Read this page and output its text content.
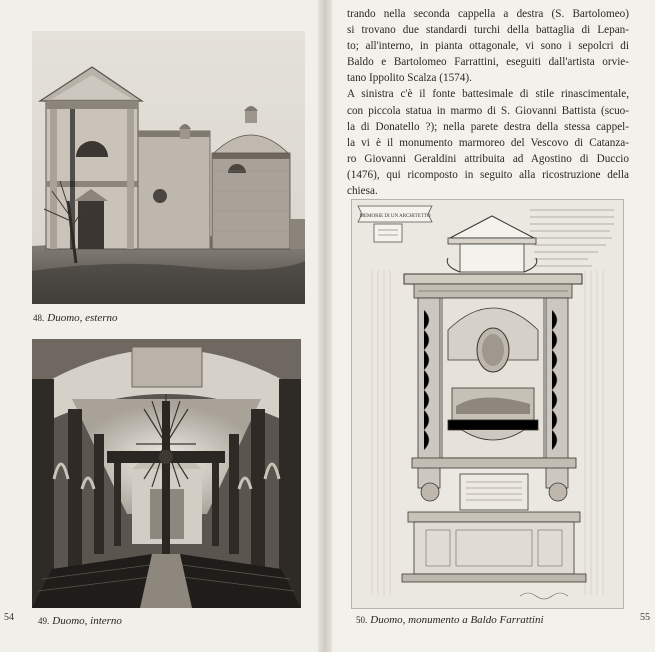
48. Duomo, esterno
49. Duomo, interno
54

trando nella seconda cappella a destra (S. Bartolomeo)
si trovano due standardi turchi della battaglia di Lepan-
to; all'interno, in pianta ottagonale, vi sono i sepolcri di
Baldo e Bartolomeo Farrattini, eseguiti dall'artista orvie-
tano Ippolito Scalza (1574).

A sinistra c'è il fonte battesimale di stile rinascimentale,
con piccola statua in marmo di S. Giovanni Battista (scuo-
la di Donatello ?); nella parete destra della stessa cappel-
la vi è il monumento marmoreo del Vescovo di Catanza-
ro Giovanni Geraldini attribuita ad Agostino di Duccio
(1476), qui ricomposto in seguito alla ricostruzione della
chiesa.

MEMORIE DI UN ARCHITETTO
50. Duomo, monumento a Baldo Farrattini	55
